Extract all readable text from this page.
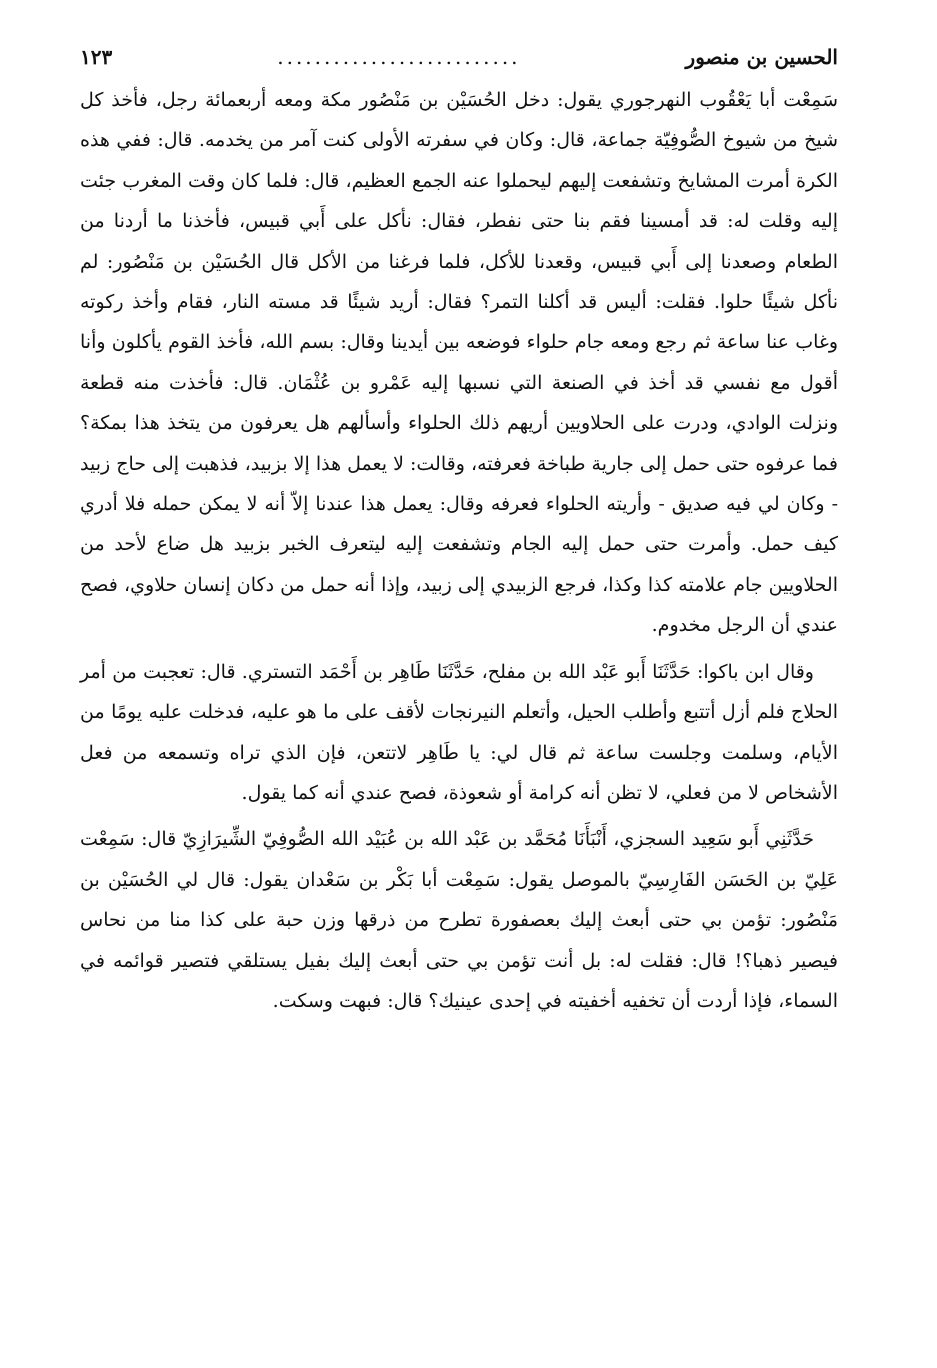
الحسين بن منصور
..........................
١٢٣

سَمِعْت أبا يَعْقُوب النهرجوري يقول: دخل الحُسَيْن بن مَنْصُور مكة ومعه أربعمائة رجل، فأخذ كل شيخ من شيوخ الصُّوفِيّة جماعة، قال: وكان في سفرته الأولى كنت آمر من يخدمه. قال: ففي هذه الكرة أمرت المشايخ وتشفعت إليهم ليحملوا عنه الجمع العظيم، قال: فلما كان وقت المغرب جئت إليه وقلت له: قد أمسينا فقم بنا حتى نفطر، فقال: نأكل على أَبي قبيس، فأخذنا ما أردنا من الطعام وصعدنا إلى أَبي قبيس، وقعدنا للأكل، فلما فرغنا من الأكل قال الحُسَيْن بن مَنْصُور: لم نأكل شيئًا حلوا. فقلت: أليس قد أكلنا التمر؟ فقال: أريد شيئًا قد مسته النار، فقام وأخذ ركوته وغاب عنا ساعة ثم رجع ومعه جام حلواء فوضعه بين أيدينا وقال: بسم الله، فأخذ القوم يأكلون وأنا أقول مع نفسي قد أخذ في الصنعة التي نسبها إليه عَمْرو بن عُثْمَان. قال: فأخذت منه قطعة ونزلت الوادي، ودرت على الحلاويين أريهم ذلك الحلواء وأسألهم هل يعرفون من يتخذ هذا بمكة؟ فما عرفوه حتى حمل إلى جارية طباخة فعرفته، وقالت: لا يعمل هذا إلا بزبيد، فذهبت إلى حاج زبيد - وكان لي فيه صديق - وأريته الحلواء فعرفه وقال: يعمل هذا عندنا إلاّ أنه لا يمكن حمله فلا أدري كيف حمل. وأمرت حتى حمل إليه الجام وتشفعت إليه ليتعرف الخبر بزبيد هل ضاع لأحد من الحلاويين جام علامته كذا وكذا، فرجع الزبيدي إلى زبيد، وإذا أنه حمل من دكان إنسان حلاوي، فصح عندي أن الرجل مخدوم.

وقال ابن باكوا: حَدَّثَنَا أَبو عَبْد الله بن مفلح، حَدَّثَنَا طَاهِر بن أَحْمَد التستري. قال: تعجبت من أمر الحلاج فلم أزل أتتبع وأطلب الحيل، وأتعلم النيرنجات لأقف على ما هو عليه، فدخلت عليه يومًا من الأيام، وسلمت وجلست ساعة ثم قال لي: يا طَاهِر لاتتعن، فإن الذي تراه وتسمعه من فعل الأشخاص لا من فعلي، لا تظن أنه كرامة أو شعوذة، فصح عندي أنه كما يقول.

حَدَّثَنِي أَبو سَعِيد السجزي، أَنْبَأَنَا مُحَمَّد بن عَبْد الله بن عُبَيْد الله الصُّوفِيّ الشِّيرَازِيّ قال: سَمِعْت عَلِيّ بن الحَسَن الفَارِسِيّ بالموصل يقول: سَمِعْت أبا بَكْر بن سَعْدان يقول: قال لي الحُسَيْن بن مَنْصُور: تؤمن بي حتى أبعث إليك بعصفورة تطرح من ذرقها وزن حبة على كذا منا من نحاس فيصير ذهبا؟! قال: فقلت له: بل أنت تؤمن بي حتى أبعث إليك بفيل يستلقي فتصير قوائمه في السماء، فإذا أردت أن تخفيه أخفيته في إحدى عينيك؟ قال: فبهت وسكت.
